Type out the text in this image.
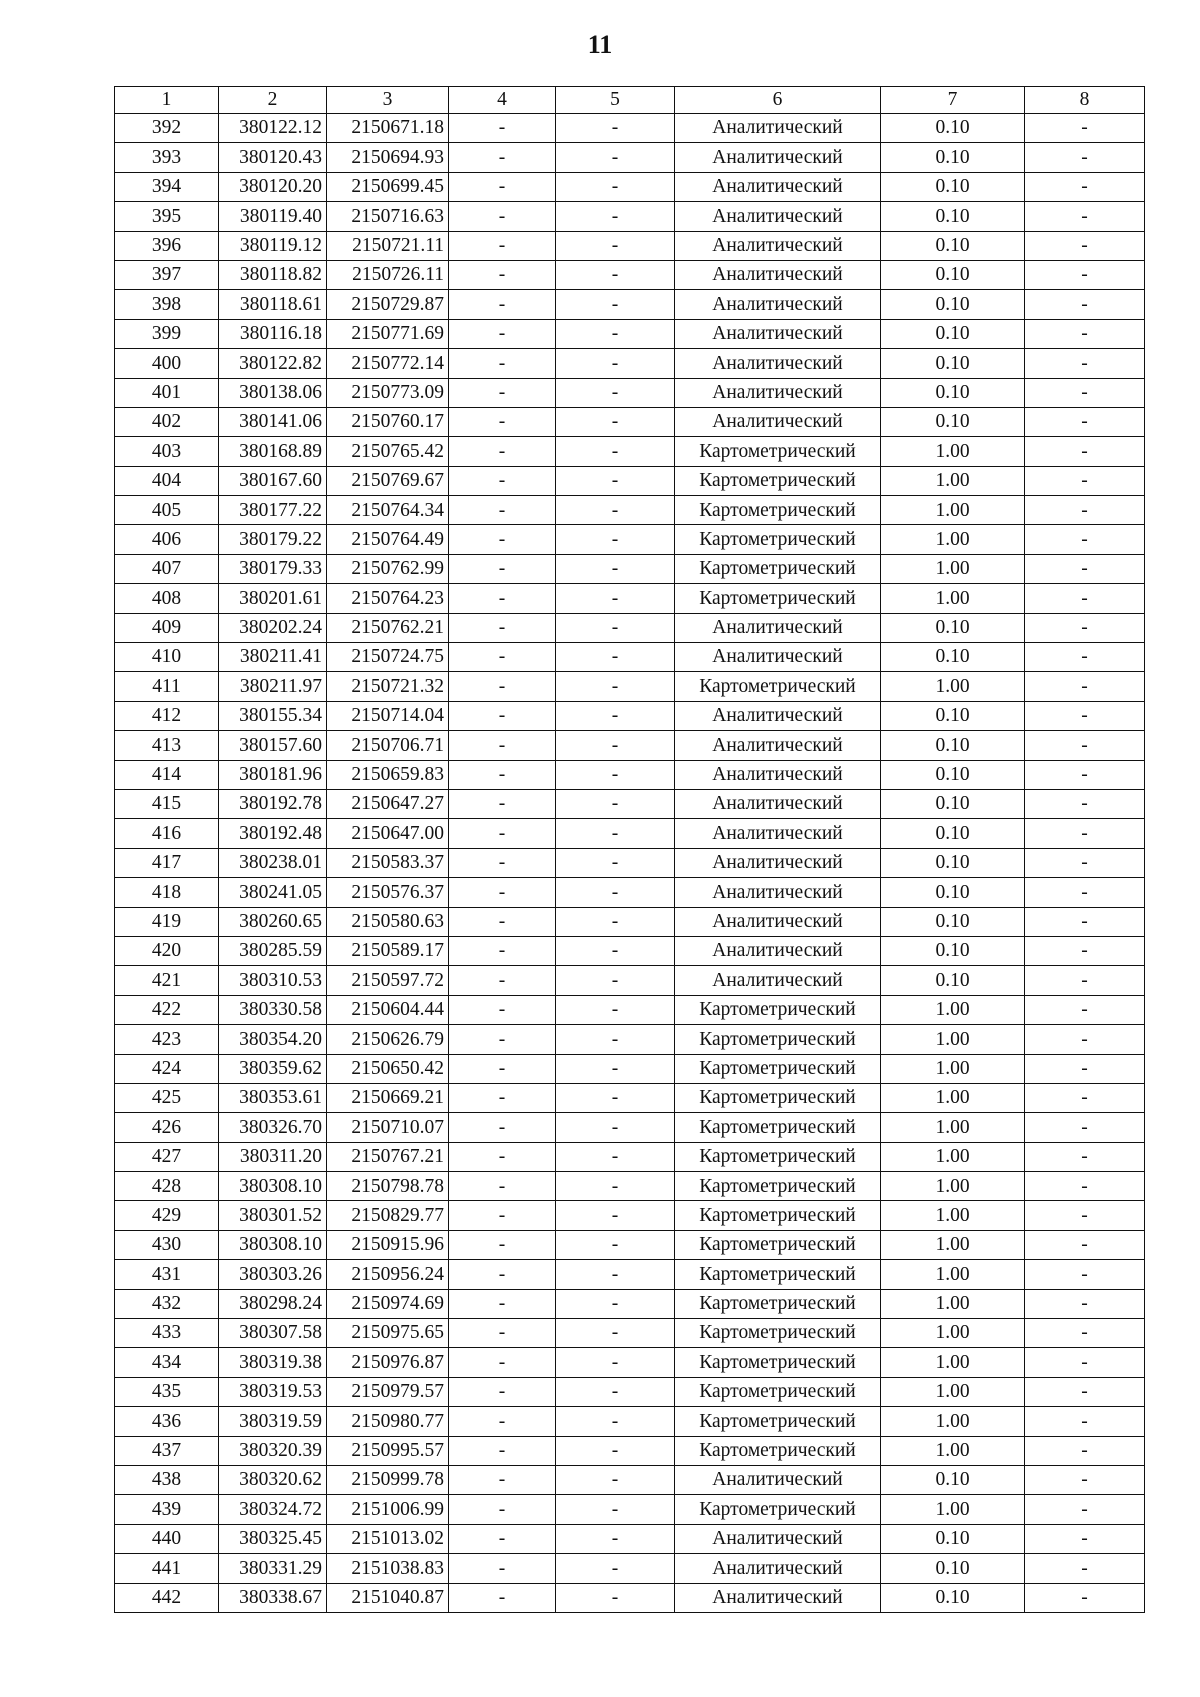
11
1	2	3	4	5	6	7	8
392	380122.12	2150671.18	-	-	Аналитический	0.10	-
393	380120.43	2150694.93	-	-	Аналитический	0.10	-
394	380120.20	2150699.45	-	-	Аналитический	0.10	-
395	380119.40	2150716.63	-	-	Аналитический	0.10	-
396	380119.12	2150721.11	-	-	Аналитический	0.10	-
397	380118.82	2150726.11	-	-	Аналитический	0.10	-
398	380118.61	2150729.87	-	-	Аналитический	0.10	-
399	380116.18	2150771.69	-	-	Аналитический	0.10	-
400	380122.82	2150772.14	-	-	Аналитический	0.10	-
401	380138.06	2150773.09	-	-	Аналитический	0.10	-
402	380141.06	2150760.17	-	-	Аналитический	0.10	-
403	380168.89	2150765.42	-	-	Картометрический	1.00	-
404	380167.60	2150769.67	-	-	Картометрический	1.00	-
405	380177.22	2150764.34	-	-	Картометрический	1.00	-
406	380179.22	2150764.49	-	-	Картометрический	1.00	-
407	380179.33	2150762.99	-	-	Картометрический	1.00	-
408	380201.61	2150764.23	-	-	Картометрический	1.00	-
409	380202.24	2150762.21	-	-	Аналитический	0.10	-
410	380211.41	2150724.75	-	-	Аналитический	0.10	-
411	380211.97	2150721.32	-	-	Картометрический	1.00	-
412	380155.34	2150714.04	-	-	Аналитический	0.10	-
413	380157.60	2150706.71	-	-	Аналитический	0.10	-
414	380181.96	2150659.83	-	-	Аналитический	0.10	-
415	380192.78	2150647.27	-	-	Аналитический	0.10	-
416	380192.48	2150647.00	-	-	Аналитический	0.10	-
417	380238.01	2150583.37	-	-	Аналитический	0.10	-
418	380241.05	2150576.37	-	-	Аналитический	0.10	-
419	380260.65	2150580.63	-	-	Аналитический	0.10	-
420	380285.59	2150589.17	-	-	Аналитический	0.10	-
421	380310.53	2150597.72	-	-	Аналитический	0.10	-
422	380330.58	2150604.44	-	-	Картометрический	1.00	-
423	380354.20	2150626.79	-	-	Картометрический	1.00	-
424	380359.62	2150650.42	-	-	Картометрический	1.00	-
425	380353.61	2150669.21	-	-	Картометрический	1.00	-
426	380326.70	2150710.07	-	-	Картометрический	1.00	-
427	380311.20	2150767.21	-	-	Картометрический	1.00	-
428	380308.10	2150798.78	-	-	Картометрический	1.00	-
429	380301.52	2150829.77	-	-	Картометрический	1.00	-
430	380308.10	2150915.96	-	-	Картометрический	1.00	-
431	380303.26	2150956.24	-	-	Картометрический	1.00	-
432	380298.24	2150974.69	-	-	Картометрический	1.00	-
433	380307.58	2150975.65	-	-	Картометрический	1.00	-
434	380319.38	2150976.87	-	-	Картометрический	1.00	-
435	380319.53	2150979.57	-	-	Картометрический	1.00	-
436	380319.59	2150980.77	-	-	Картометрический	1.00	-
437	380320.39	2150995.57	-	-	Картометрический	1.00	-
438	380320.62	2150999.78	-	-	Аналитический	0.10	-
439	380324.72	2151006.99	-	-	Картометрический	1.00	-
440	380325.45	2151013.02	-	-	Аналитический	0.10	-
441	380331.29	2151038.83	-	-	Аналитический	0.10	-
442	380338.67	2151040.87	-	-	Аналитический	0.10	-
